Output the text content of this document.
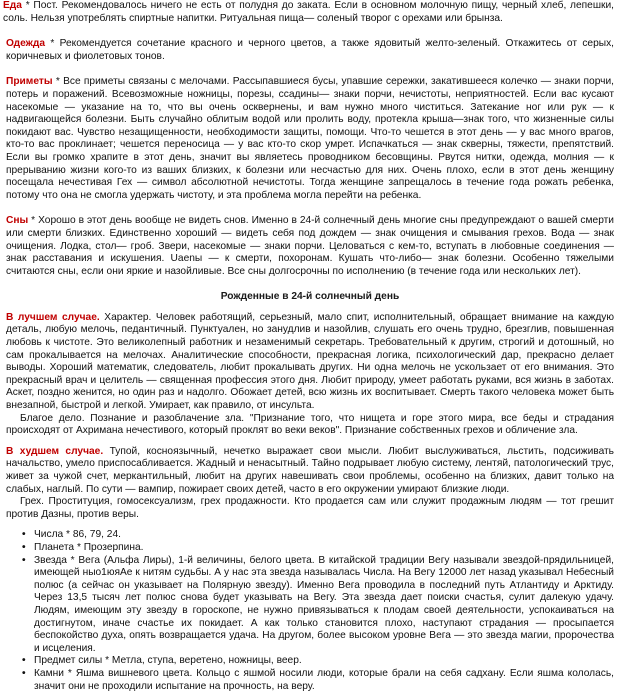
Еда * Пост. Рекомендовалось ничего не есть от полудня до заката. Если в основном молочную пищу, черный хлеб, лепешки, соль. Нельзя употреблять спиртные напитки. Ритуальная пища— соленый творог с орехами или брынза.

Одежда * Рекомендуется сочетание красного и черного цветов, а также ядовитый желто-зеленый. Откажитесь от серых, коричневых и фиолетовых тонов.

Приметы * Все приметы связаны с мелочами. Рассыпавшиеся бусы, упавшие сережки, закатившееся колечко — знаки порчи, потерь и поражений. Всевозможные ножницы, порезы, ссадины— знаки порчи, нечистоты, неприятностей. Если вас кусают насекомые — указание на то, что вы очень осквернены, и вам нужно много чиститься. Затекание ног или рук — к надвигающейся болезни. Быть случайно облитым водой или пролить воду, протекла крыша—знак того, что жизненные силы покидают вас. Чувство незащищенности, необходимости защиты, помощи. Что-то чешется в этот день — у вас много врагов, кто-то вас проклинает; чешется переносица — у вас кто-то скор умрет. Испачкаться — знак скверны, тяжести, препятствий. Если вы громко храпите в этот день, значит вы являетесь проводником бесовщины. Рвутся нитки, одежда, молния — к прерыванию жизни кого-то из ваших близких, к болезни или несчастью для них. Очень плохо, если в этот день женщину посещала нечестивая Гех — символ абсолютной нечистоты. Тогда женщине запрещалось в течение года рожать ребенка, потому что она не смогла удержать чистоту, и эта проблема могла перейти на ребенка.

Сны * Хорошо в этот день вообще не видеть снов. Именно в 24-й солнечный день многие сны предупреждают о вашей смерти или смерти близких. Единственно хороший — видеть себя под дождем — знак очищения и смывания грехов. Вода — знак очищения. Лодка, стол— гроб. Звери, насекомые — знаки порчи. Целоваться с кем-то, вступать в любовные соединения — знак расставания и искушения. Uaenы — к смерти, похоронам. Кушать что-либо— знак болезни. Особенно тяжелыми считаются сны, если они яркие и назойливые. Все сны долгосрочны по исполнению (в течение года или нескольких лет).

Рожденные в 24-й солнечный день

В лучшем случае. Характер. Человек работящий, серьезный, мало спит, исполнительный, обращает внимание на каждую деталь, любую мелочь, педантичный. Пунктуален, но занудлив и назойлив, слушать его очень трудно, брезглив, повышенная любовь к чистоте. Это великолепный работник и незаменимый секретарь. Требовательный к другим, строгий и дотошный, но сам прокалывается на мелочах. Аналитические способности, прекрасная логика, психологический дар, прекрасно делает выводы. Хороший математик, следователь, любит прокалывать других. Ни одна мелочь не ускользает от его внимания. Это прекрасный врач и целитель — священная профессия этого дня. Любит природу, умеет работать руками, вся жизнь в заботах. Аскет, поздно женится, но один раз и надолго. Обожает детей, всю жизнь их воспитывает. Смерть такого человека может быть внезапной, быстрой и легкой. Умирает, как правило, от инсульта.

Благое дело. Познание и разоблачение зла. "Признание того, что нищета и горе этого мира, все беды и страдания происходят от Ахримана нечестивого, который проклят во веки веков". Признание собственных грехов и обличение зла.

В худшем случае. Тупой, косноязычный, нечетко выражает свои мысли. Любит выслуживаться, льстить, подсиживать начальство, умело приспосабливается. Жадный и ненасытный. Тайно подрывает любую систему, лентяй, патологический трус, живет за чужой счет, меркантильный, любит на других навешивать свои проблемы, особенно на близких, давит только на слабых, наглый. По сути — вампир, пожирает своих детей, часто в его окружении умирают близкие люди.

Грех. Проституция, гомосексуализм, грех продажности. Кто продается сам или служит продажным людям — тот грешит против Дазны, против веры.

• Числа * 86, 79, 24.
• Планета * Прозерпина.
• Звезда * Вега (Альфа Лиры), 1-й величины, белого цвета. В китайской традиции Вегу называли звездой-прядильницей, имеющей ныо1юяАе к нитям судьбы. А у нас эта звезда называлась Числа. На Вегу 12000 лет назад указывал Небесный полюс (а сейчас он указывает на Полярную звезду). Именно Вега проводила в последний путь Атлантиду и Арктиду. Через 13,5 тысяч лет полюс снова будет указывать на Вегу. Эта звезда дает поиски счастья, сулит далекую удачу. Людям, имеющим эту звезду в гороскопе, не нужно привязываться к плодам своей деятельности, успокаиваться на достигнутом, иначе счастье их покидает. А как только становится плохо, наступают страдания — просыпается беспокойство духа, опять возвращается удача. На другом, более высоком уровне Вега — это звезда магии, пророчества и исцеления.
• Предмет силы * Метла, ступа, веретено, ножницы, веер.
• Камни * Яшма вишневого цвета. Кольцо с яшмой носили люди, которые брали на себя садханy. Если яшма кололась, значит они не проходили испытание на прочность, на веру.
